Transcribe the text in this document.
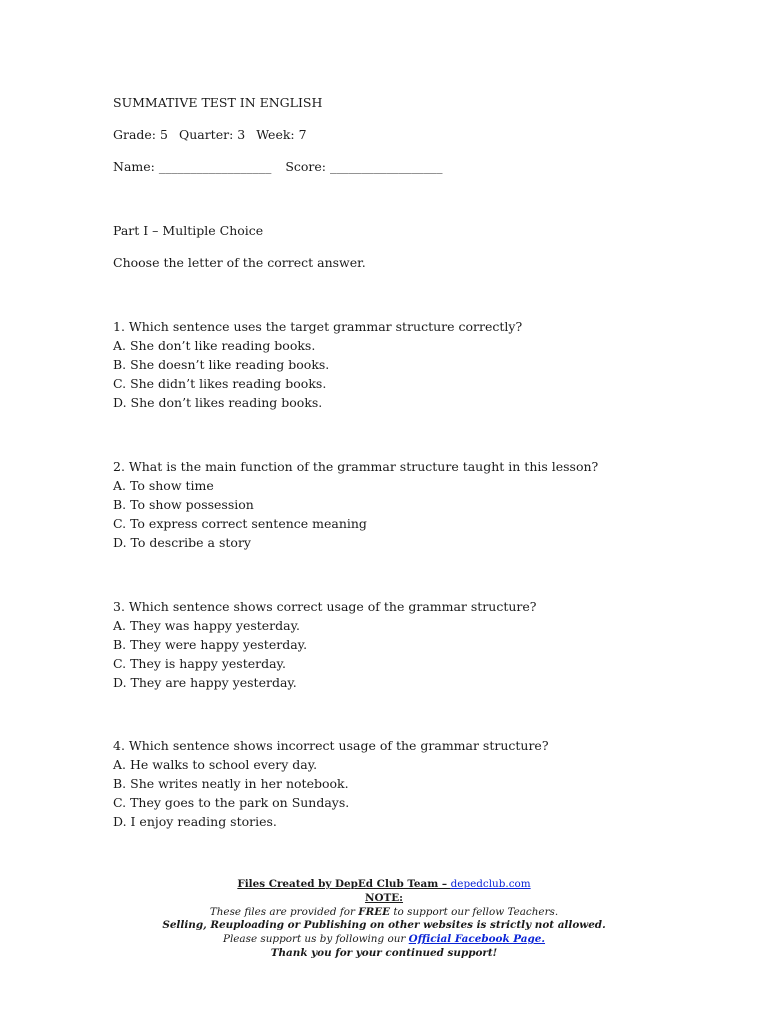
SUMMATIVE TEST IN ENGLISH
Grade: 5 Quarter: 3 Week: 7
Name: __________________ Score: __________________
Part I – Multiple Choice
Choose the letter of the correct answer.
1. Which sentence uses the target grammar structure correctly?
A. She don’t like reading books.
B. She doesn’t like reading books.
C. She didn’t likes reading books.
D. She don’t likes reading books.
2. What is the main function of the grammar structure taught in this lesson?
A. To show time
B. To show possession
C. To express correct sentence meaning
D. To describe a story
3. Which sentence shows correct usage of the grammar structure?
A. They was happy yesterday.
B. They were happy yesterday.
C. They is happy yesterday.
D. They are happy yesterday.
4. Which sentence shows incorrect usage of the grammar structure?
A. He walks to school every day.
B. She writes neatly in her notebook.
C. They goes to the park on Sundays.
D. I enjoy reading stories.
Files Created by DepEd Club Team – depedclub.com
NOTE:
These files are provided for FREE to support our fellow Teachers.
Selling, Reuploading or Publishing on other websites is strictly not allowed.
Please support us by following our Official Facebook Page.
Thank you for your continued support!
